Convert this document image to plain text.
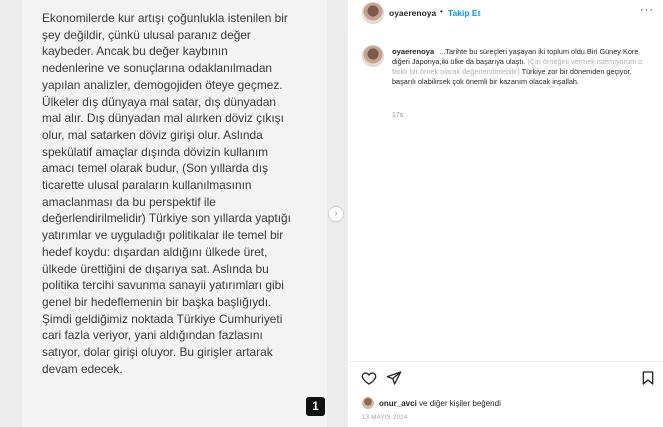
Ekonomilerde kur artışı çoğunlukla istenilen bir
şey değildir, çünkü ulusal paranız değer
kaybeder. Ancak bu değer kaybının
nedenlerine ve sonuçlarına odaklanılmadan
yapılan analizler, demogojiden öteye geçmez.
Ülkeler dış dünyaya mal satar, dış dünyadan
mal alır. Dış dünyadan mal alırken döviz çıkışı
olur, mal satarken döviz girişi olur. Aslında
spekülatif amaçlar dışında dövizin kullanım
amacı temel olarak budur, (Son yıllarda dış
ticarette ulusal paraların kullanılmasının
amaclanması da bu perspektif ile
değerlendirilmelidir) Türkiye son yıllarda yaptığı
yatırımlar ve uyguladığı politikalar ile temel bir
hedef koydu: dışardan aldığını ülkede üret,
ülkede ürettiğini de dışarıya sat. Aslında bu
politika tercihi savunma sanayii yatırımları gibi
genel bir hedeflemenin bir başka başlığıydı.
Şimdi geldiğimiz noktada Türkiye Cumhuriyeti
cari fazla veriyor, yani aldığından fazlasını
satıyor, dolar girişi oluyor. Bu girişler artarak
devam edecek.
1
›
oyaerenoya • Takip Et	···
oyaerenoya ...Tarihte bu süreçleri yaşayan iki toplum oldu.Biri Güney Kore diğeri Japonya,iki ülke da başarıya ulaştı. (Çin örneğini vermek istemiyorum o farklı bir örnek olarak değerlendirilebilir) Türkiye zor bir dönemden geçiyor, başarılı olabilirsek çok önemli bir kazanım olacak inşallah.
17s
onur_avci ve diğer kişiler beğendi
13 MAYIS 2024
